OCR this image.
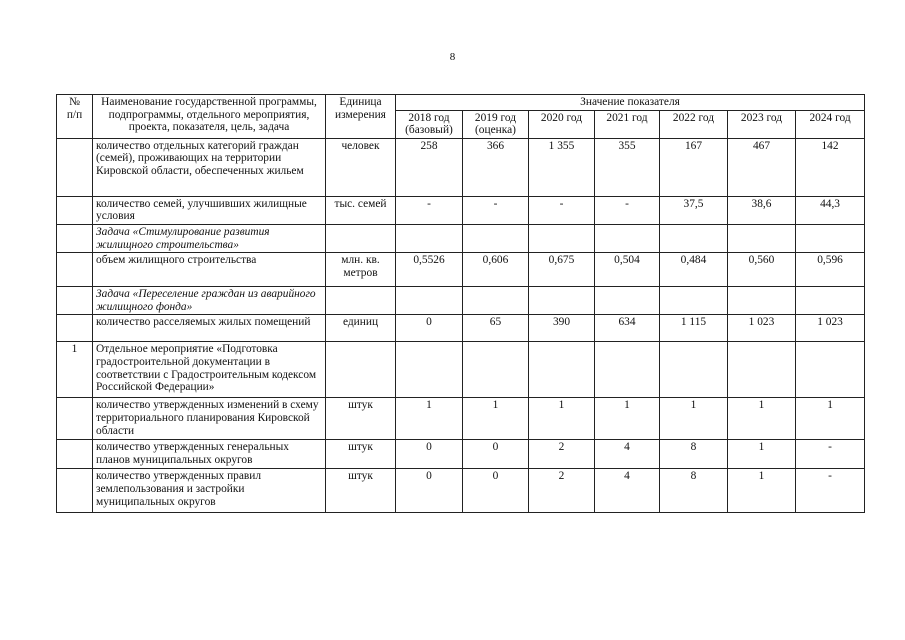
8
№
п/п	Наименование государственной программы, подпрограммы, отдельного мероприятия, проекта, показателя, цель, задача	Единица измерения	Значение показателя						
			2018 год (базовый)	2019 год (оценка)	2020 год	2021 год	2022 год	2023 год	2024 год
	количество отдельных категорий граждан (семей), проживающих на территории Кировской области, обеспеченных жильем	человек	258	366	1 355	355	167	467	142
	количество семей, улучшивших жилищные условия	тыс. семей	-	-	-	-	37,5	38,6	44,3
	Задача «Стимулирование развития жилищного строительства»								
	объем жилищного строительства	млн. кв. метров	0,5526	0,606	0,675	0,504	0,484	0,560	0,596
	Задача «Переселение граждан из аварийного жилищного фонда»								
	количество расселяемых жилых помещений	единиц	0	65	390	634	1 115	1 023	1 023
1	Отдельное мероприятие «Подготовка градостроительной документации в соответствии с Градостроительным кодексом Российской Федерации»								
	количество утвержденных изменений в схему территориального планирования Кировской области	штук	1	1	1	1	1	1	1
	количество утвержденных генеральных планов муниципальных округов	штук	0	0	2	4	8	1	-
	количество утвержденных правил землепользования и застройки муниципальных округов	штук	0	0	2	4	8	1	-
